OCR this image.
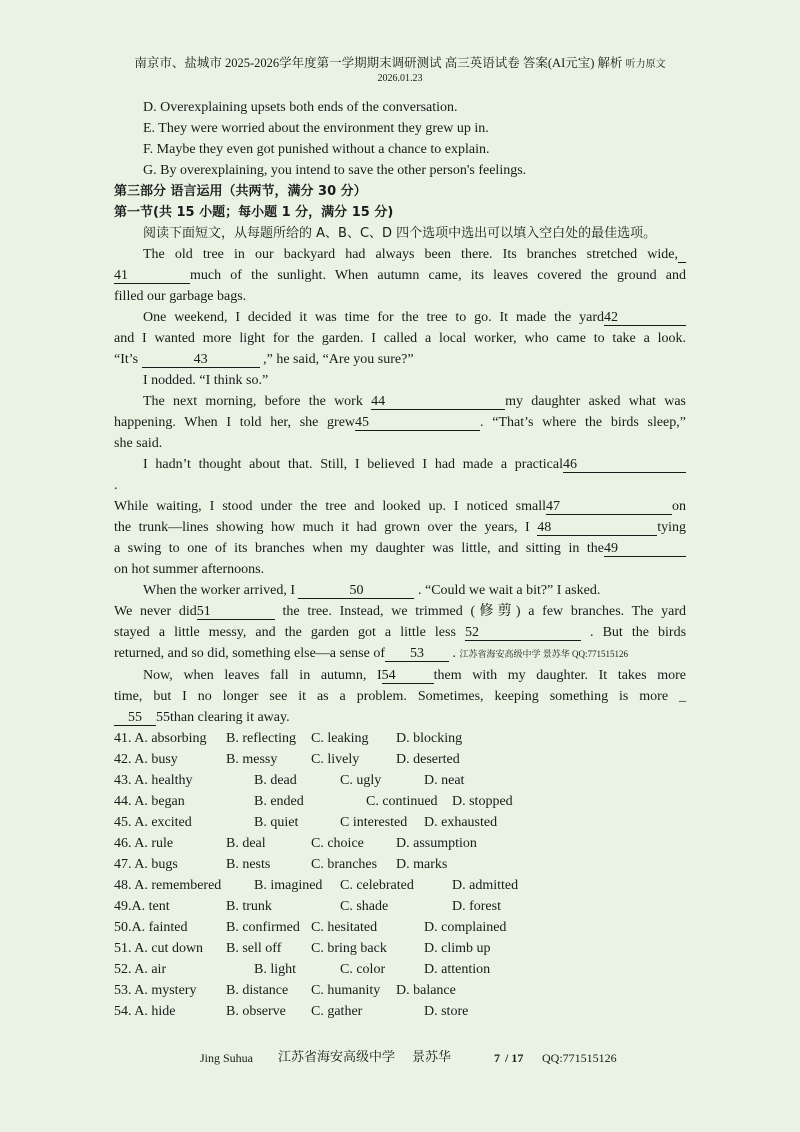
南京市、盐城市 2025-2026学年度第一学期期末调研测试 高三英语试卷 答案(AI元宝) 解析 听力原文
2026.01.23
D. Overexplaining upsets both ends of the conversation.
E. They were worried about the environment they grew up in.
F. Maybe they even got punished without a chance to explain.
G. By overexplaining, you intend to save the other person's feelings.
第三部分 语言运用（共两节，满分 30 分）
第一节(共 15 小题；每小题 1 分，满分 15 分)
阅读下面短文，从每题所给的 A、B、C、D 四个选项中选出可以填入空白处的最佳选项。
The old tree in our backyard had always been there. Its branches stretched wide,
41	much of the sunlight. When autumn came, its leaves covered the ground and
filled our garbage bags.
One weekend, I decided it was time for the tree to go. It made the yard42
and I wanted more light for the garden. I called a local worker, who came to take a look.
“It’s	43	,” he said, “Are you sure?”
I nodded. “I think so.”
The next morning, before the work 44	my daughter asked what was
happening. When I told her, she grew45	. “That’s where the birds sleep,”
she said.
I hadn’t thought about that. Still, I believed I had made a practical46
.
While waiting, I stood under the tree and looked up. I noticed small47	on
the trunk—lines showing how much it had grown over the years, I 48	tying
a swing to one of its branches when my daughter was little, and sitting in the49
on hot summer afternoons.
When the worker arrived, I	50	. “Could we wait a bit?” I asked.
We never did51	the tree. Instead, we trimmed (修剪) a few branches. The yard
stayed a little messy, and the garden got a little less 52	. But the birds
returned, and so did, something else—a sense of 53 . 江苏省海安高级中学 景苏华 QQ:771515126
Now, when leaves fall in autumn, I54	them with my daughter. It takes more
time, but I no longer see it as a problem. Sometimes, keeping something is more _
55 55than clearing it away.
41. A. absorbing B. reflecting C. leaking D. blocking
42. A. busy	B. messy C. lively	D. deserted
43. A. healthy	B. dead	C. ugly	D. neat
44. A. began	B. ended	C. continued D. stopped
45. A. excited	B. quiet	C interested D. exhausted
46. A. rule	B. deal	C. choice D. assumption
47. A. bugs	B. nests	C. branches D. marks
48. A. remembered B. imagined C. celebrated	D. admitted
49.A. tent	B. trunk	C. shade	D. forest
50.A. fainted	B. confirmed C. hesitated	D. complained
51. A. cut down B. sell off C. bring back	D. climb up
52. A. air	B. light	C. color	D. attention
53. A. mystery B. distance C. humanity D. balance
54. A. hide	B. observe C. gather	D. store
Jing Suhua 江苏省海安高级中学 景苏华	7 / 17 QQ:771515126
